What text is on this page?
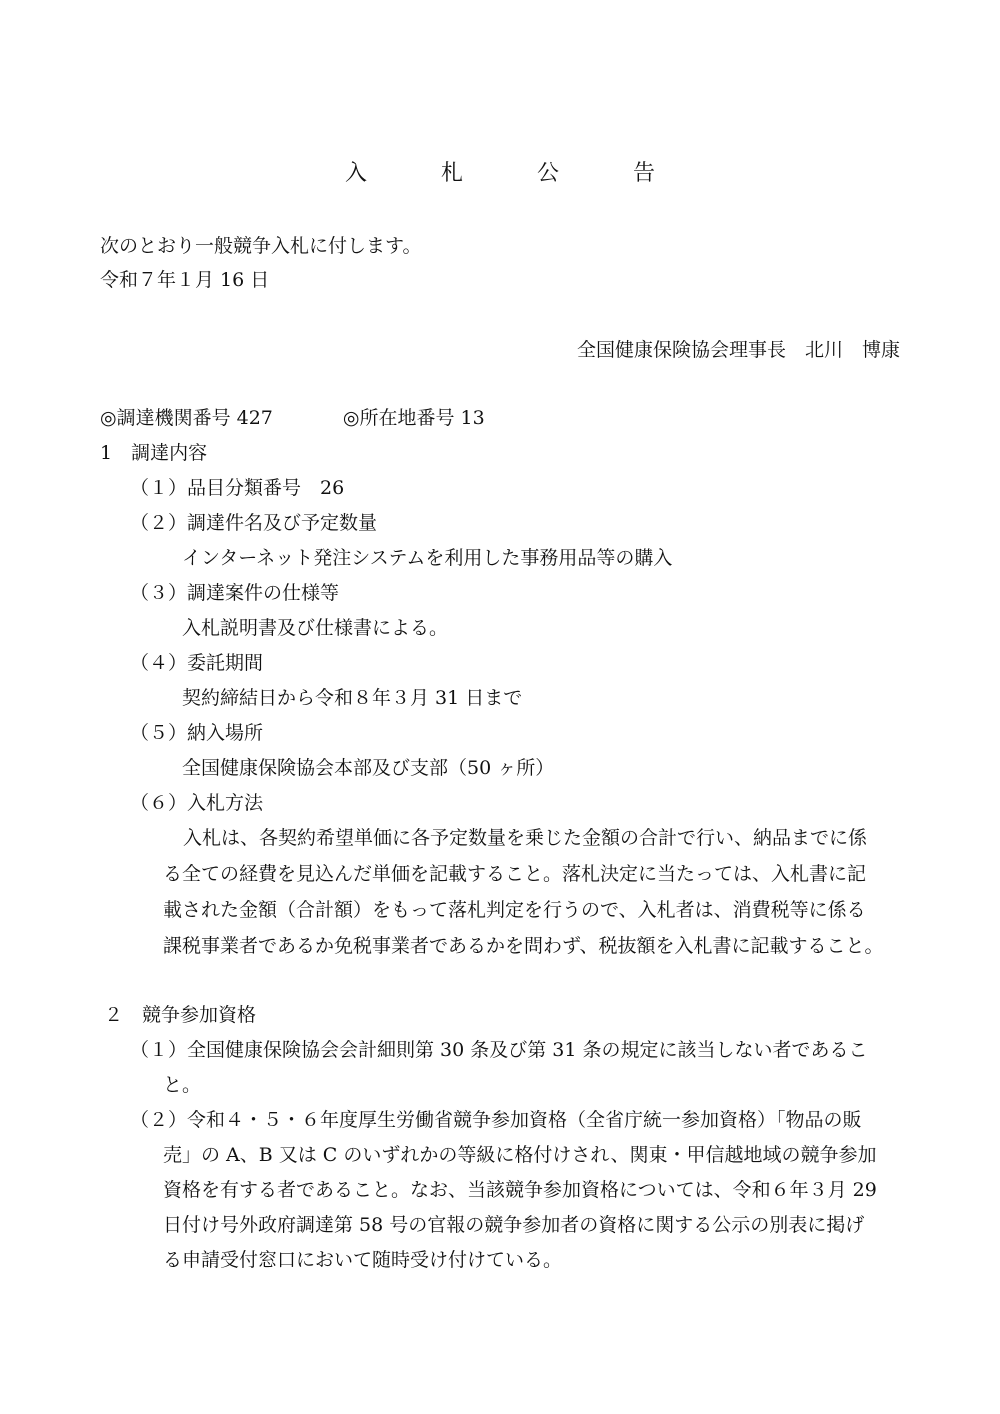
入　札　公　告
次のとおり一般競争入札に付します。
令和７年１月 16 日
全国健康保険協会理事長　北川　博康
◎調達機関番号 427	◎所在地番号 13
1　調達内容
（１）品目分類番号　26
（２）調達件名及び予定数量
インターネット発注システムを利用した事務用品等の購入
（３）調達案件の仕様等
入札説明書及び仕様書による。
（４）委託期間
契約締結日から令和８年３月 31 日まで
（５）納入場所
全国健康保険協会本部及び支部（50 ヶ所）
（６）入札方法
入札は、各契約希望単価に各予定数量を乗じた金額の合計で行い、納品までに係
る全ての経費を見込んだ単価を記載すること。落札決定に当たっては、入札書に記
載された金額（合計額）をもって落札判定を行うので、入札者は、消費税等に係る
課税事業者であるか免税事業者であるかを問わず、税抜額を入札書に記載すること。
２　競争参加資格
（１）全国健康保険協会会計細則第 30 条及び第 31 条の規定に該当しない者であるこ
と。
（２）令和４・５・６年度厚生労働省競争参加資格（全省庁統一参加資格）「物品の販
売」の A、B 又は C のいずれかの等級に格付けされ、関東・甲信越地域の競争参加
資格を有する者であること。なお、当該競争参加資格については、令和６年３月 29
日付け号外政府調達第 58 号の官報の競争参加者の資格に関する公示の別表に掲げ
る申請受付窓口において随時受け付けている。
